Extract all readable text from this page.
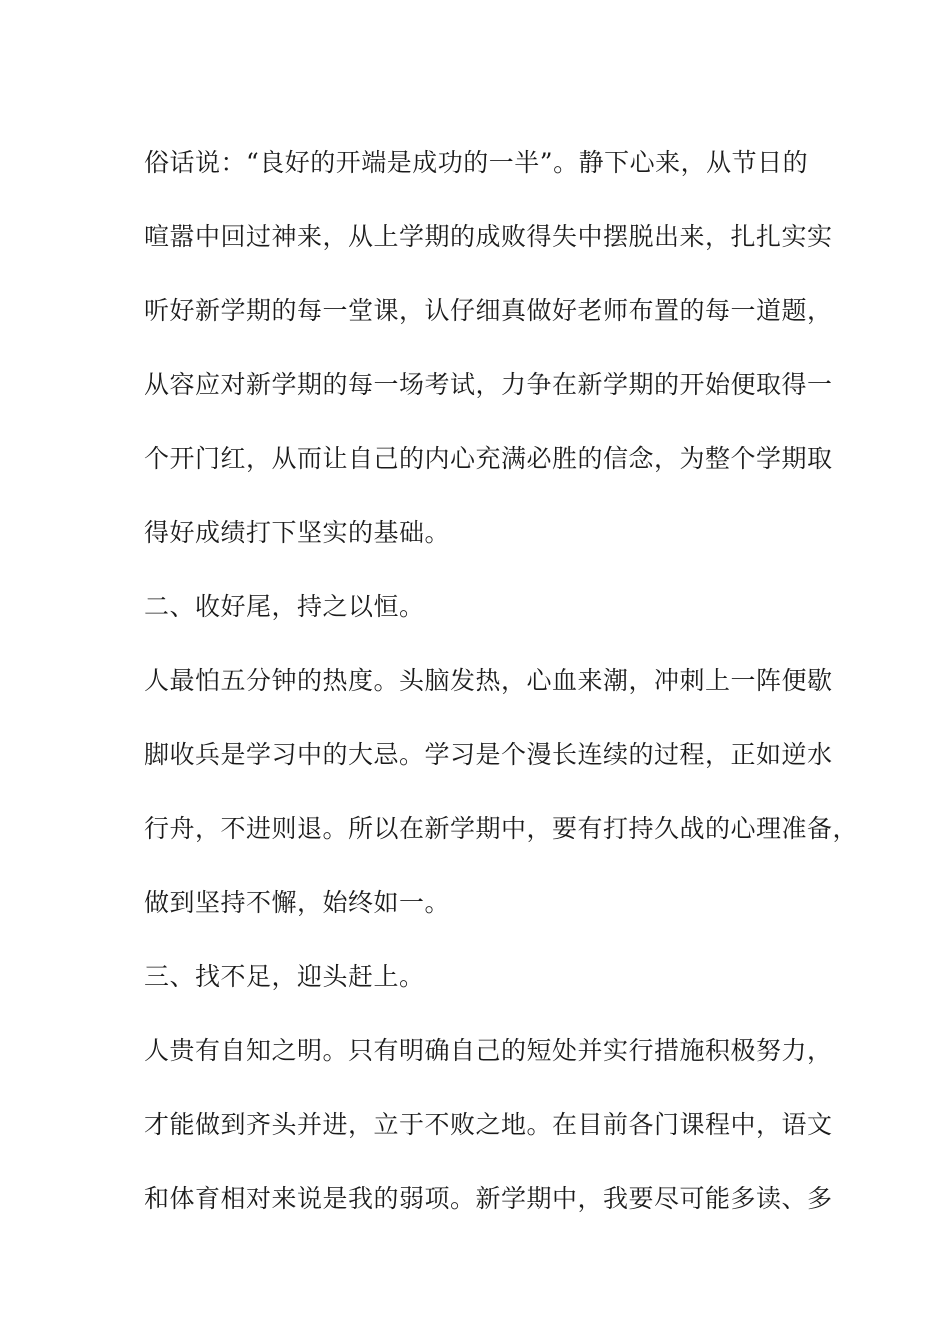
俗话说：“良好的开端是成功的一半”。静下心来，从节日的
喧嚣中回过神来，从上学期的成败得失中摆脱出来，扎扎实实
听好新学期的每一堂课，认仔细真做好老师布置的每一道题，
从容应对新学期的每一场考试，力争在新学期的开始便取得一
个开门红，从而让自己的内心充满必胜的信念，为整个学期取
得好成绩打下坚实的基础。
二、收好尾，持之以恒。
人最怕五分钟的热度。头脑发热，心血来潮，冲刺上一阵便歇
脚收兵是学习中的大忌。学习是个漫长连续的过程，正如逆水
行舟，不进则退。所以在新学期中，要有打持久战的心理准备，
做到坚持不懈，始终如一。
三、找不足，迎头赶上。
人贵有自知之明。只有明确自己的短处并实行措施积极努力，
才能做到齐头并进，立于不败之地。在目前各门课程中，语文
和体育相对来说是我的弱项。新学期中，我要尽可能多读、多
